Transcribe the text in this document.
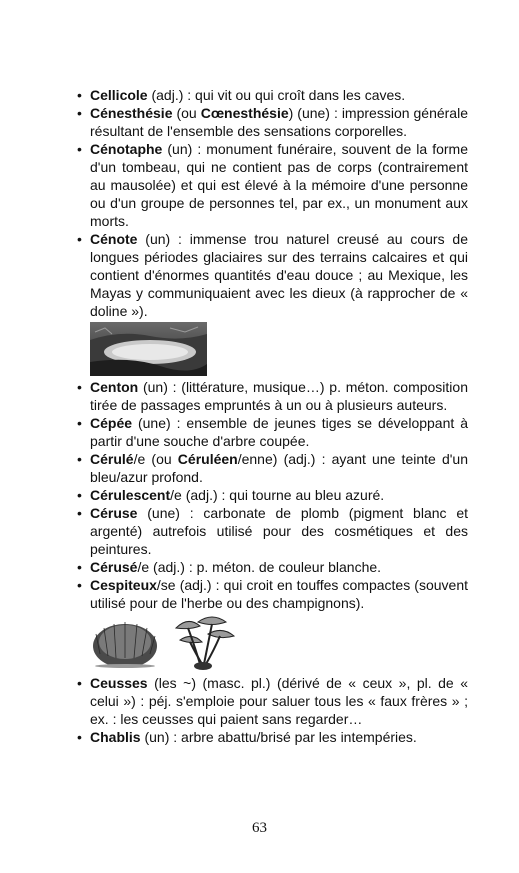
• Cellicole (adj.) : qui vit ou qui croît dans les caves.

• Cénesthésie (ou Cœnesthésie) (une) : impression générale résultant de l'ensemble des sensations corporelles.

• Cénotaphe (un) : monument funéraire, souvent de la forme d'un tombeau, qui ne contient pas de corps (contrairement au mausolée) et qui est élevé à la mémoire d'une personne ou d'un groupe de personnes tel, par ex., un monument aux morts.

• Cénote (un) : immense trou naturel creusé au cours de longues périodes glaciaires sur des terrains calcaires et qui contient d'énormes quantités d'eau douce ; au Mexique, les Mayas y communiquaient avec les dieux (à rapprocher de « doline »).

• Centon (un) : (littérature, musique…) p. méton. composition tirée de passages empruntés à un ou à plusieurs auteurs.

• Cépée (une) : ensemble de jeunes tiges se développant à partir d'une souche d'arbre coupée.

• Cérulé/e (ou Céruléen/enne) (adj.) : ayant une teinte d'un bleu/azur profond.

• Cérulescent/e (adj.) : qui tourne au bleu azuré.

• Céruse (une) : carbonate de plomb (pigment blanc et argenté) autrefois utilisé pour des cosmétiques et des peintures.

• Cérusé/e (adj.) : p. méton. de couleur blanche.

• Cespiteux/se (adj.) : qui croit en touffes compactes (souvent utilisé pour de l'herbe ou des champignons).

• Ceusses (les ~) (masc. pl.) (dérivé de « ceux », pl. de « celui ») : péj. s'emploie pour saluer tous les « faux frères » ; ex. : les ceusses qui paient sans regarder…

• Chablis (un) : arbre abattu/brisé par les intempéries.

63
